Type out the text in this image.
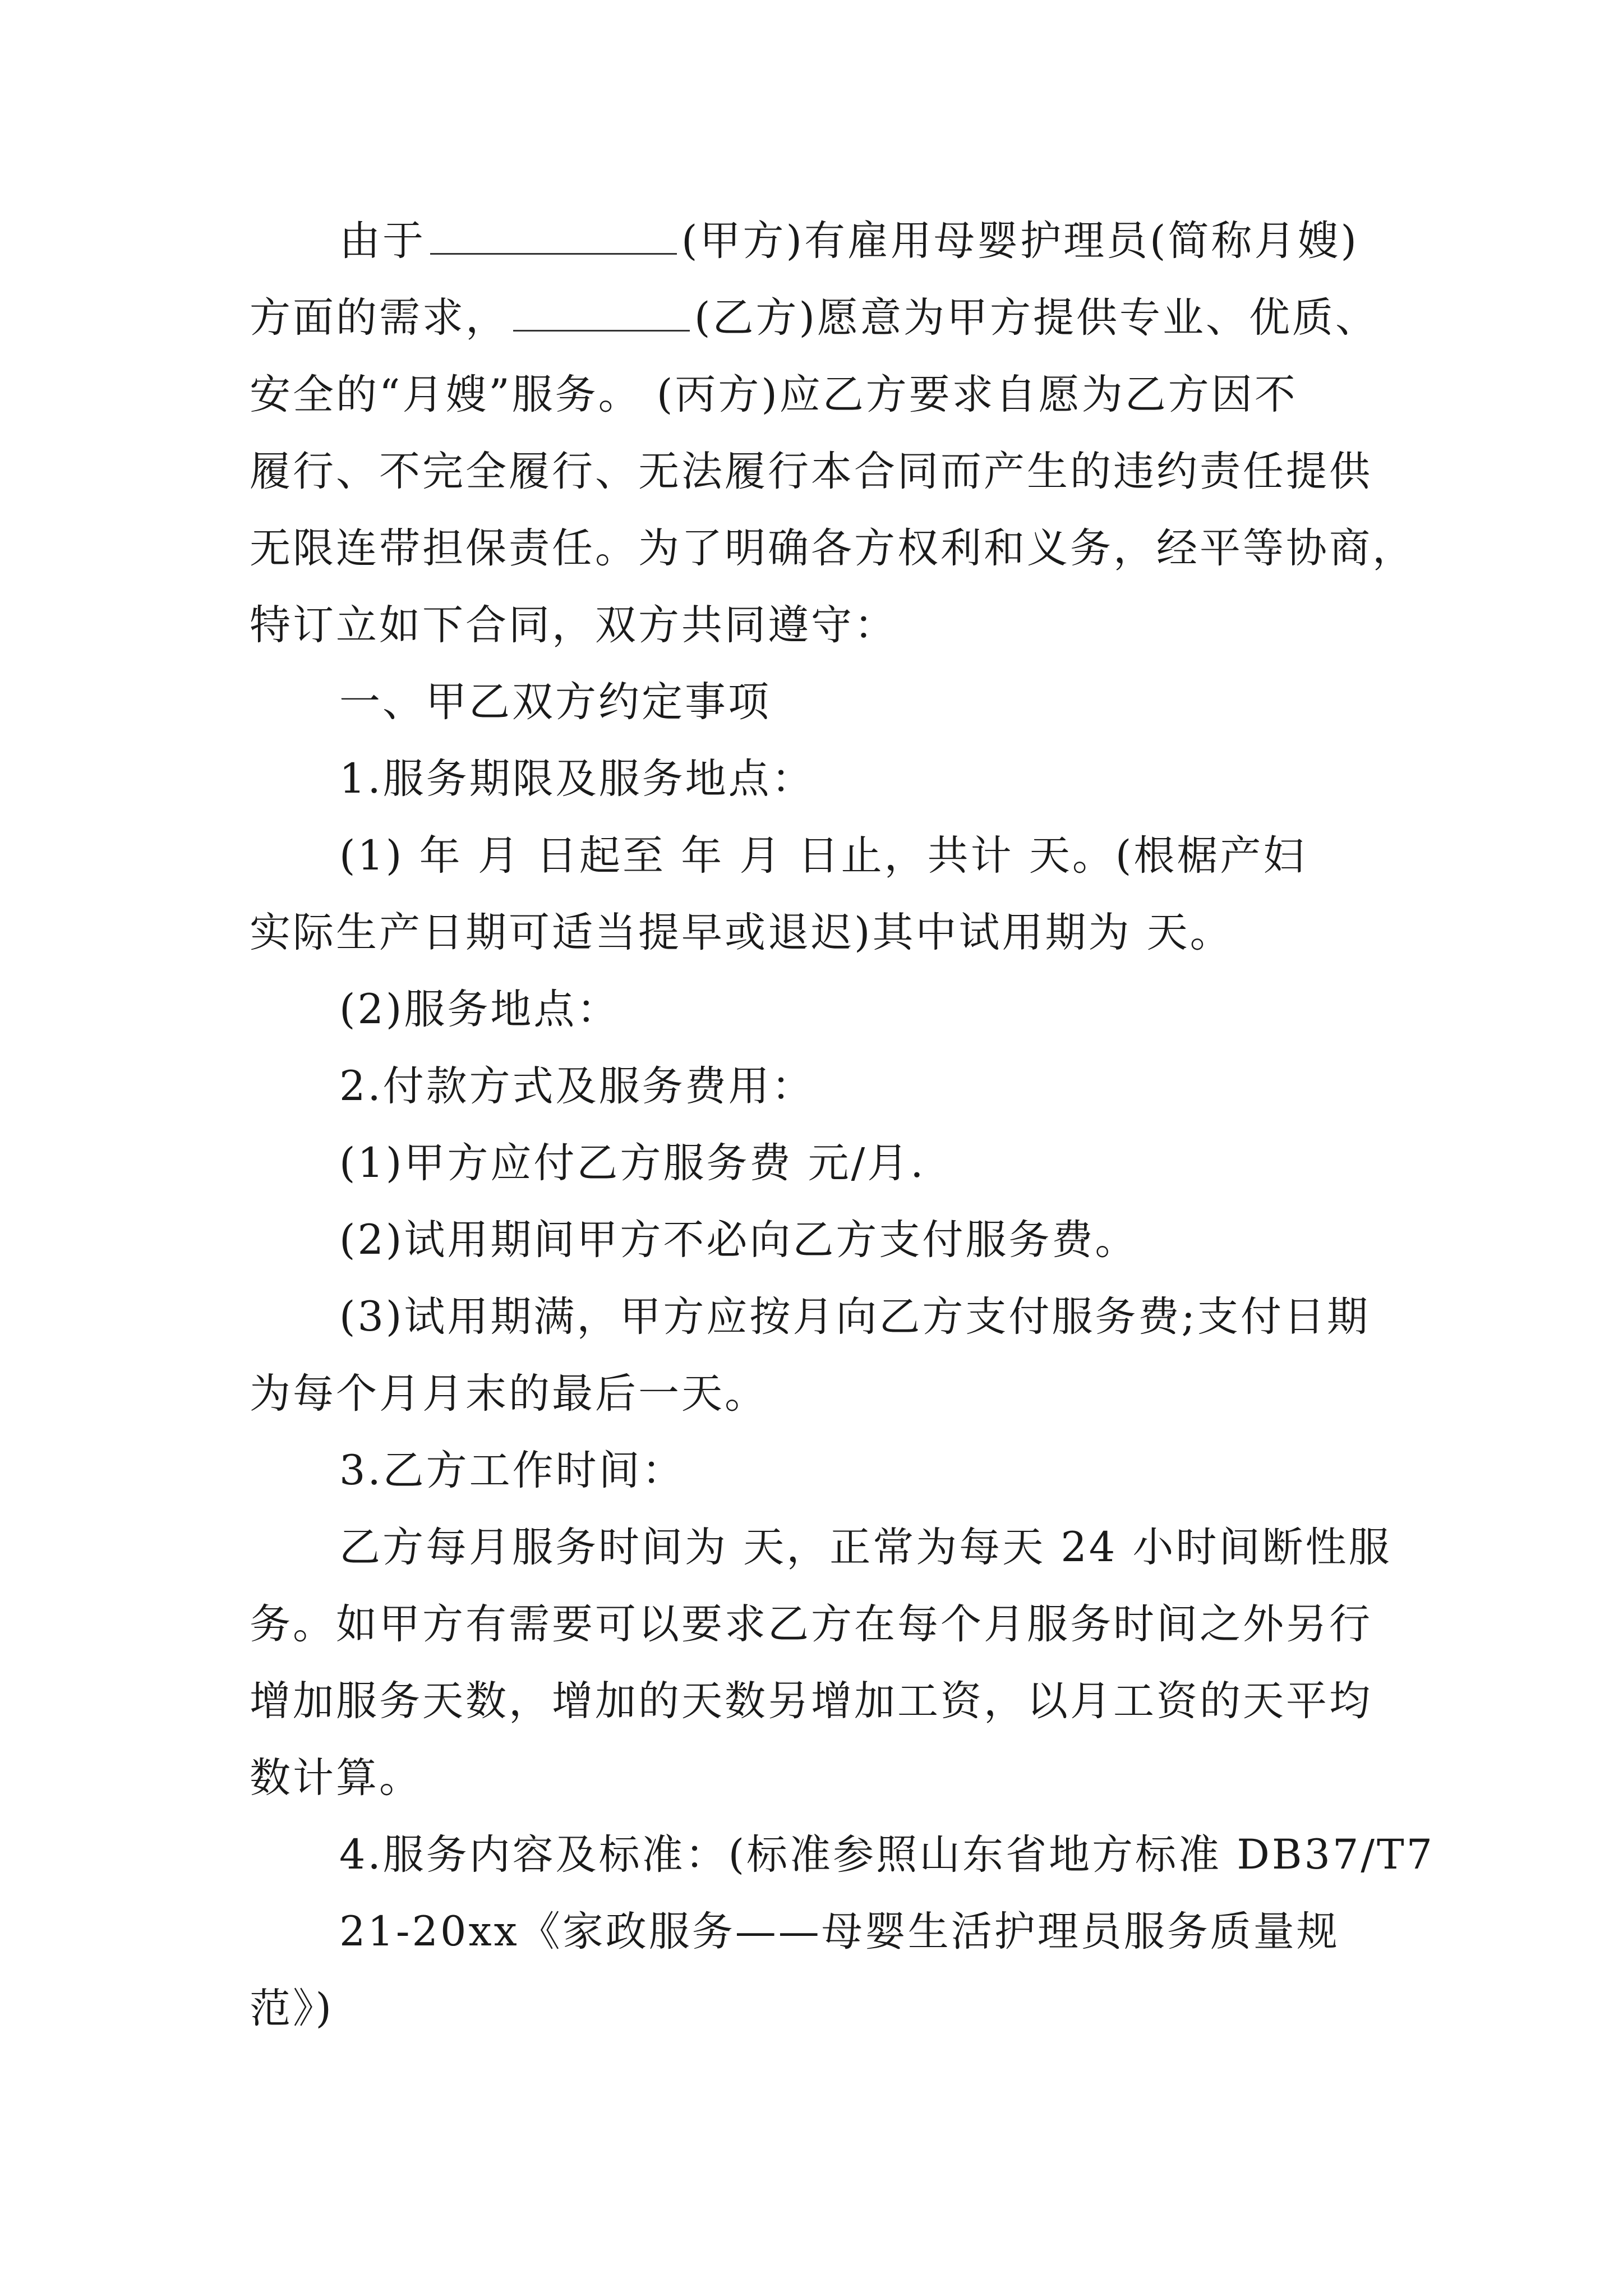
由于	(甲方)有雇用母婴护理员(简称月嫂)
方面的需求，	(乙方)愿意为甲方提供专业、优质、
安全的“月嫂”服务。 (丙方)应乙方要求自愿为乙方因不
履行、不完全履行、无法履行本合同而产生的违约责任提供
无限连带担保责任。为了明确各方权利和义务，经平等协商，
特订立如下合同，双方共同遵守：
一、甲乙双方约定事项
1.服务期限及服务地点：
(1) 年 月 日起至 年 月 日止，共计 天。(根椐产妇
实际生产日期可适当提早或退迟)其中试用期为 天。
(2)服务地点：
2.付款方式及服务费用：
(1)甲方应付乙方服务费 元/月.
(2)试用期间甲方不必向乙方支付服务费。
(3)试用期满，甲方应按月向乙方支付服务费;支付日期
为每个月月末的最后一天。
3.乙方工作时间：
乙方每月服务时间为 天，正常为每天 24 小时间断性服
务。如甲方有需要可以要求乙方在每个月服务时间之外另行
增加服务天数，增加的天数另增加工资，以月工资的天平均
数计算。
4.服务内容及标准：(标准参照山东省地方标准 DB37/T7
21-20xx《家政服务——母婴生活护理员服务质量规
范》)
